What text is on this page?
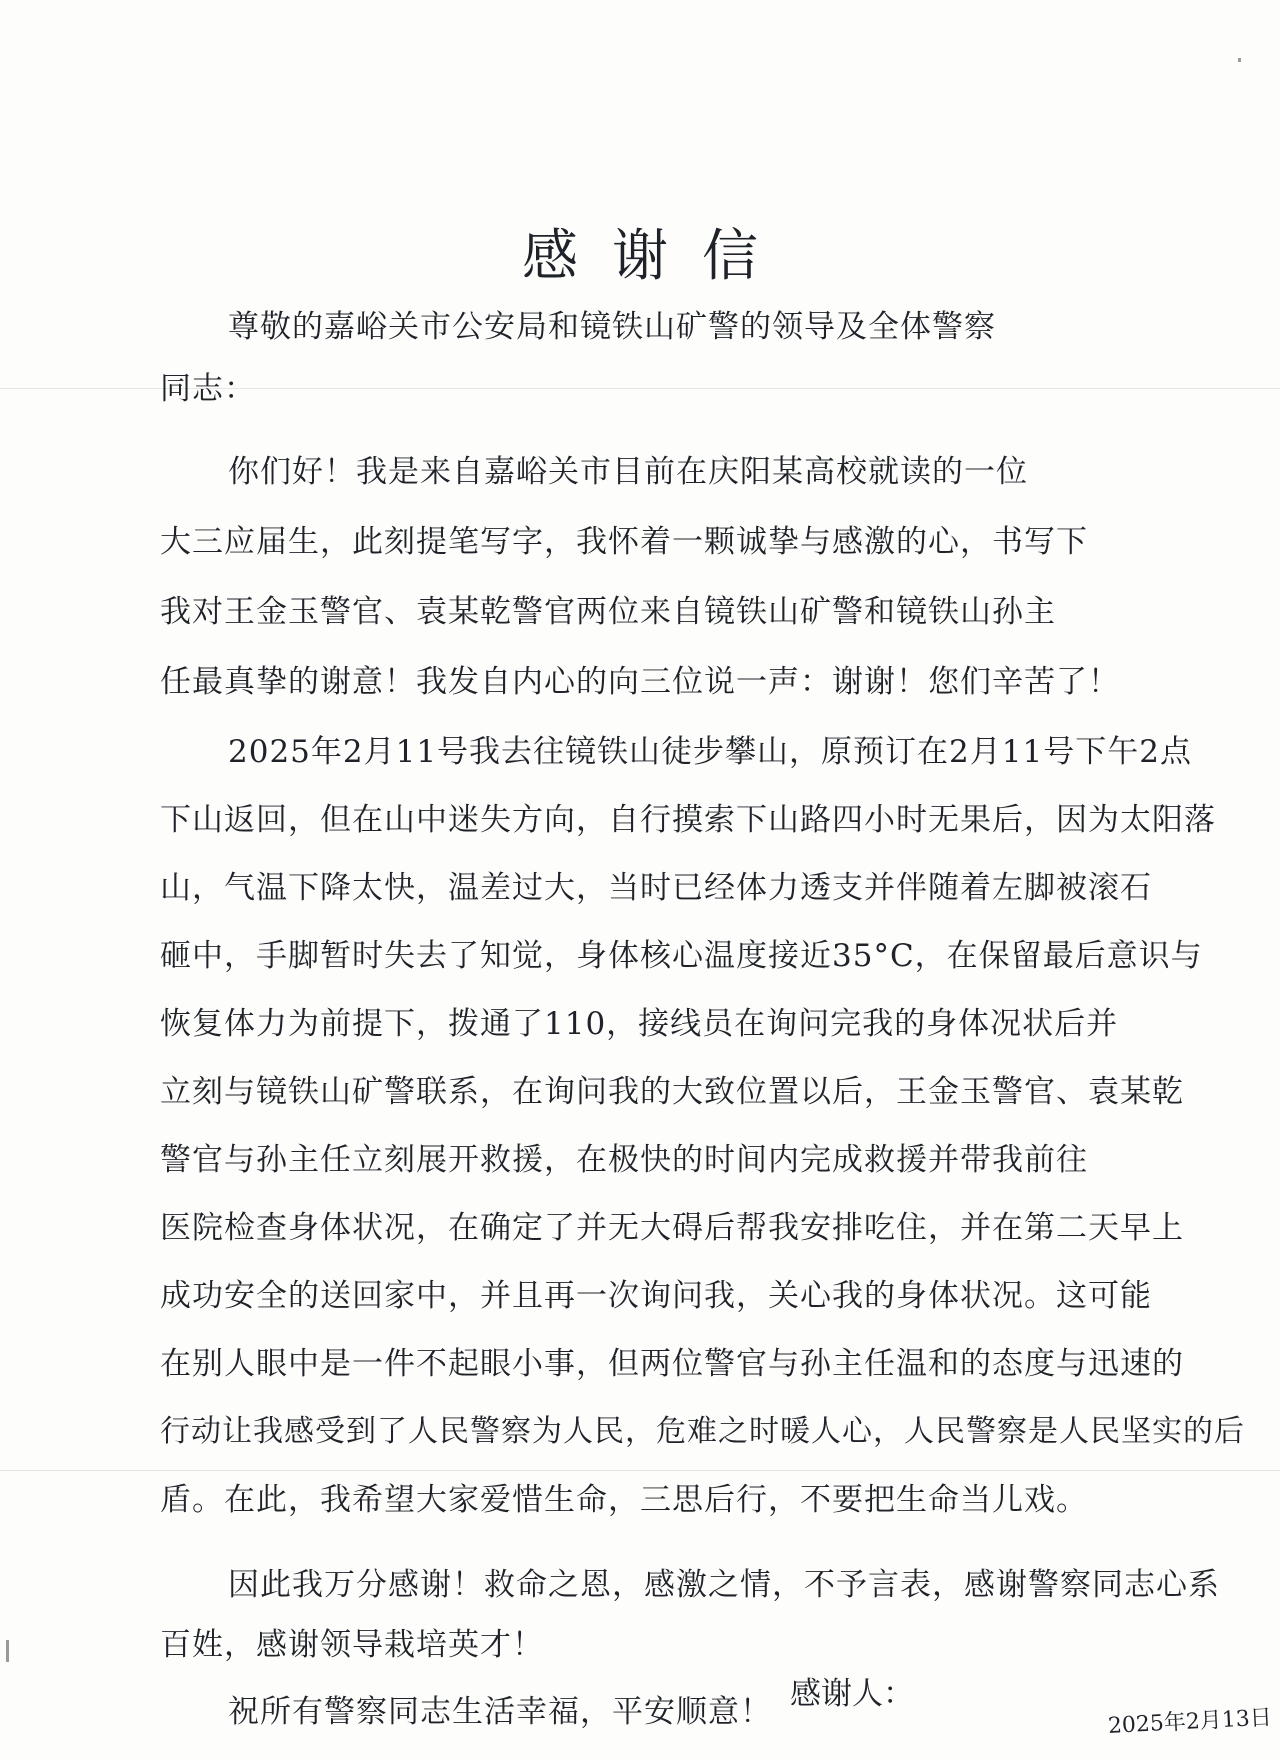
感谢信
尊敬的嘉峪关市公安局和镜铁山矿警的领导及全体警察
同志：
你们好！我是来自嘉峪关市目前在庆阳某高校就读的一位
大三应届生，此刻提笔写字，我怀着一颗诚挚与感激的心，书写下
我对王金玉警官、袁某乾警官两位来自镜铁山矿警和镜铁山孙主
任最真挚的谢意！我发自内心的向三位说一声：谢谢！您们辛苦了！
2025年2月11号我去往镜铁山徒步攀山，原预订在2月11号下午2点
下山返回，但在山中迷失方向，自行摸索下山路四小时无果后，因为太阳落
山，气温下降太快，温差过大，当时已经体力透支并伴随着左脚被滚石
砸中，手脚暂时失去了知觉，身体核心温度接近35°C，在保留最后意识与
恢复体力为前提下，拨通了110，接线员在询问完我的身体况状后并
立刻与镜铁山矿警联系，在询问我的大致位置以后，王金玉警官、袁某乾
警官与孙主任立刻展开救援，在极快的时间内完成救援并带我前往
医院检查身体状况，在确定了并无大碍后帮我安排吃住，并在第二天早上
成功安全的送回家中，并且再一次询问我，关心我的身体状况。这可能
在别人眼中是一件不起眼小事，但两位警官与孙主任温和的态度与迅速的
行动让我感受到了人民警察为人民，危难之时暖人心，人民警察是人民坚实的后
盾。在此，我希望大家爱惜生命，三思后行，不要把生命当儿戏。
因此我万分感谢！救命之恩，感激之情，不予言表，感谢警察同志心系
百姓，感谢领导栽培英才！
祝所有警察同志生活幸福，平安顺意！ 感谢人：
2025年2月13日
